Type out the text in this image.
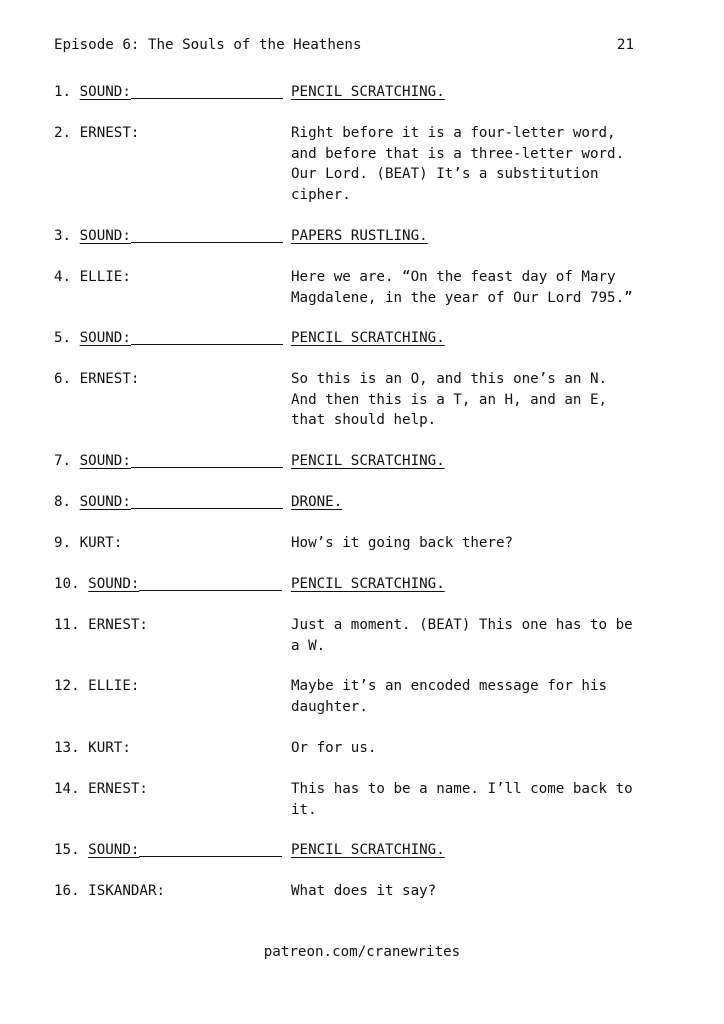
Episode 6: The Souls of the Heathens	21
1. SOUND:	PENCIL SCRATCHING.
2. ERNEST:	Right before it is a four-letter word,
and before that is a three-letter word.
Our Lord. (BEAT) It’s a substitution
cipher.
3. SOUND:	PAPERS RUSTLING.
4. ELLIE:	Here we are. “On the feast day of Mary
Magdalene, in the year of Our Lord 795.”
5. SOUND:	PENCIL SCRATCHING.
6. ERNEST:	So this is an O, and this one’s an N.
And then this is a T, an H, and an E,
that should help.
7. SOUND:	PENCIL SCRATCHING.
8. SOUND:	DRONE.
9. KURT:	How’s it going back there?
10. SOUND:	PENCIL SCRATCHING.
11. ERNEST:	Just a moment. (BEAT) This one has to be
a W.
12. ELLIE:	Maybe it’s an encoded message for his
daughter.
13. KURT:	Or for us.
14. ERNEST:	This has to be a name. I’ll come back to
it.
15. SOUND:	PENCIL SCRATCHING.
16. ISKANDAR:	What does it say?
patreon.com/cranewrites
